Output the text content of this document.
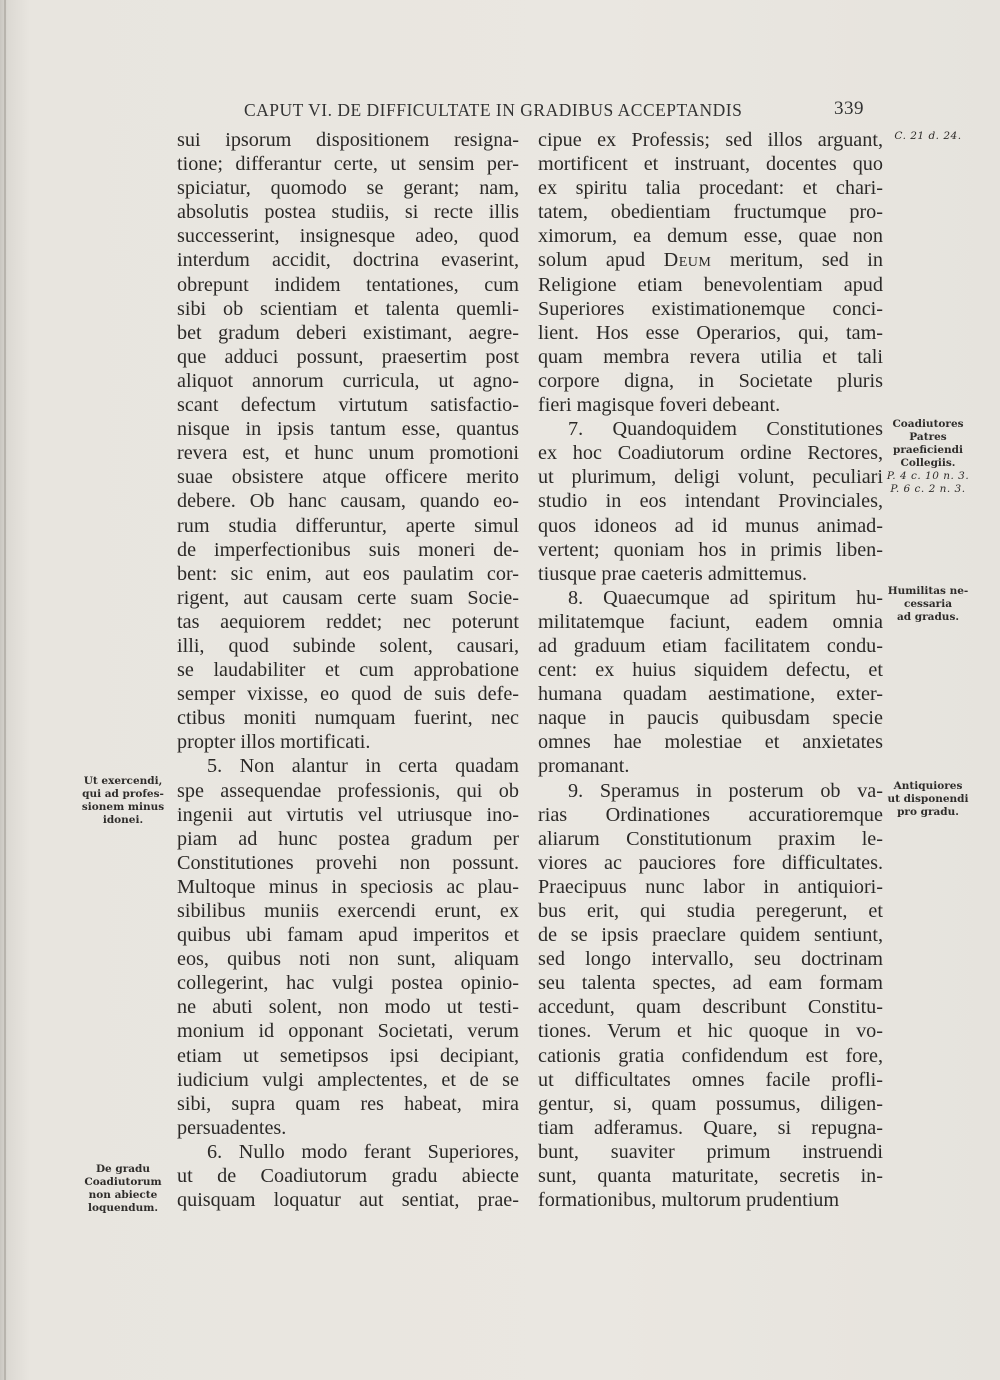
CAPUT VI. DE DIFFICULTATE IN GRADIBUS ACCEPTANDIS	339
sui ipsorum dispositionem resigna-
tione; differantur certe, ut sensim per-
spiciatur, quomodo se gerant; nam,
absolutis postea studiis, si recte illis
successerint, insignesque adeo, quod
interdum accidit, doctrina evaserint,
obrepunt indidem tentationes, cum
sibi ob scientiam et talenta quemli-
bet gradum deberi existimant, aegre-
que adduci possunt, praesertim post
aliquot annorum curricula, ut agno-
scant defectum virtutum satisfactio-
nisque in ipsis tantum esse, quantus
revera est, et hunc unum promotioni
suae obsistere atque officere merito
debere. Ob hanc causam, quando eo-
rum studia differuntur, aperte simul
de imperfectionibus suis moneri de-
bent: sic enim, aut eos paulatim cor-
rigent, aut causam certe suam Socie-
tas aequiorem reddet; nec poterunt
illi, quod subinde solent, causari,
se laudabiliter et cum approbatione
semper vixisse, eo quod de suis defe-
ctibus moniti numquam fuerint, nec
propter illos mortificati.
5. Non alantur in certa quadam
spe assequendae professionis, qui ob
ingenii aut virtutis vel utriusque ino-
piam ad hunc postea gradum per
Constitutiones provehi non possunt.
Multoque minus in speciosis ac plau-
sibilibus muniis exercendi erunt, ex
quibus ubi famam apud imperitos et
eos, quibus noti non sunt, aliquam
collegerint, hac vulgi postea opinio-
ne abuti solent, non modo ut testi-
monium id opponant Societati, verum
etiam ut semetipsos ipsi decipiant,
iudicium vulgi amplectentes, et de se
sibi, supra quam res habeat, mira
persuadentes.
6. Nullo modo ferant Superiores,
ut de Coadiutorum gradu abiecte
quisquam loquatur aut sentiat, prae-
cipue ex Professis; sed illos arguant,
mortificent et instruant, docentes quo
ex spiritu talia procedant: et chari-
tatem, obedientiam fructumque pro-
ximorum, ea demum esse, quae non
solum apud Deum meritum, sed in
Religione etiam benevolentiam apud
Superiores existimationemque conci-
lient. Hos esse Operarios, qui, tam-
quam membra revera utilia et tali
corpore digna, in Societate pluris
fieri magisque foveri debeant.
7. Quandoquidem Constitutiones
ex hoc Coadiutorum ordine Rectores,
ut plurimum, deligi volunt, peculiari
studio in eos intendant Provinciales,
quos idoneos ad id munus animad-
vertent; quoniam hos in primis liben-
tiusque prae caeteris admittemus.
8. Quaecumque ad spiritum hu-
militatemque faciunt, eadem omnia
ad graduum etiam facilitatem condu-
cent: ex huius siquidem defectu, et
humana quadam aestimatione, exter-
naque in paucis quibusdam specie
omnes hae molestiae et anxietates
promanant.
9. Speramus in posterum ob va-
rias Ordinationes accuratioremque
aliarum Constitutionum praxim le-
viores ac pauciores fore difficultates.
Praecipuus nunc labor in antiquiori-
bus erit, qui studia peregerunt, et
de se ipsis praeclare quidem sentiunt,
sed longo intervallo, seu doctrinam
seu talenta spectes, ad eam formam
accedunt, quam describunt Constitu-
tiones. Verum et hic quoque in vo-
cationis gratia confidendum est fore,
ut difficultates omnes facile profli-
gentur, si, quam possumus, diligen-
tiam adferamus. Quare, si repugna-
bunt, suaviter primum instruendi
sunt, quanta maturitate, secretis in-
formationibus, multorum prudentium
C. 21 d. 24.
Coadiutores
Patres
praeficiendi
Collegiis.
P. 4 c. 10 n. 3.
P. 6 c. 2 n. 3.
Humilitas ne-
cessaria
ad gradus.
Antiquiores
ut disponendi
pro gradu.
Ut exercendi,
qui ad profes-
sionem minus
idonei.
De gradu
Coadiutorum
non abiecte
loquendum.
